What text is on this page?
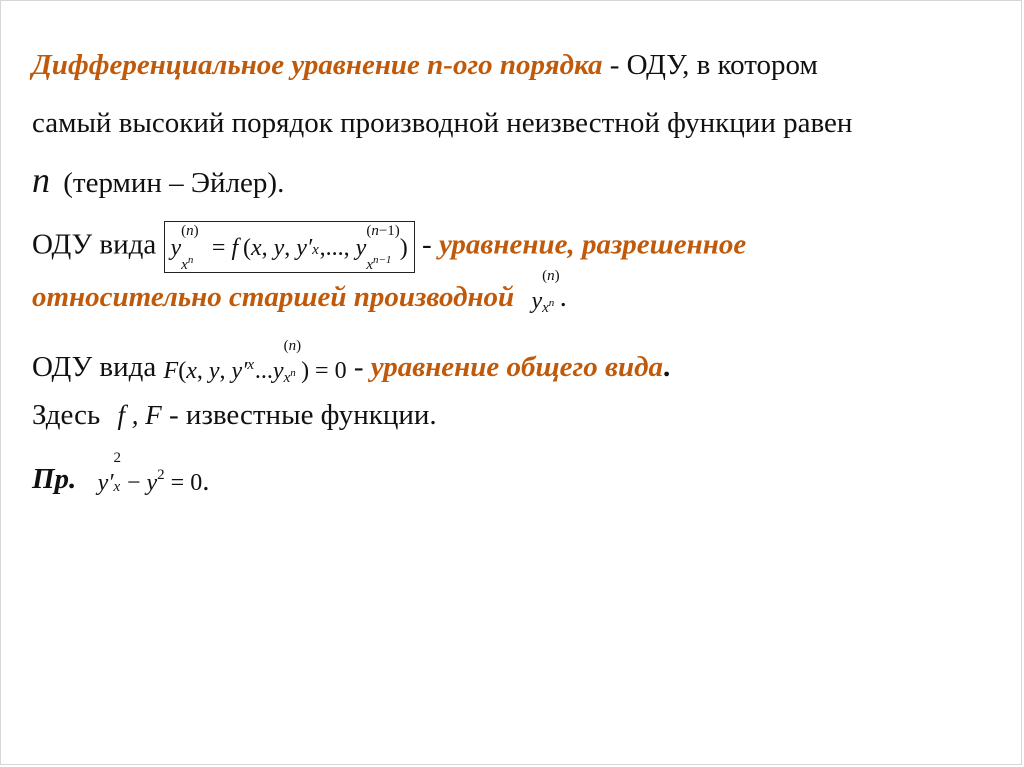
Дифференциальное уравнение n-ого порядка - ОДУ, в котором
самый высокий порядок производной неизвестной функции равен
n (термин – Эйлер).
ОДУ вида y
(n)
$x^n = f$ (x, y, y′ x ,..., y
(n−1)
$x^{n-1}$ ) - уравнение, разрешенное
относительно старшей производной y
(n)
$x^n$ .
ОДУ вида F(x, y, y′ x ...y
(n)
$x^n$ ) = 0 - уравнение общего вида.
Здесь f , F - известные функции.
Пр. y′
2
$x - y^2 = 0$.
